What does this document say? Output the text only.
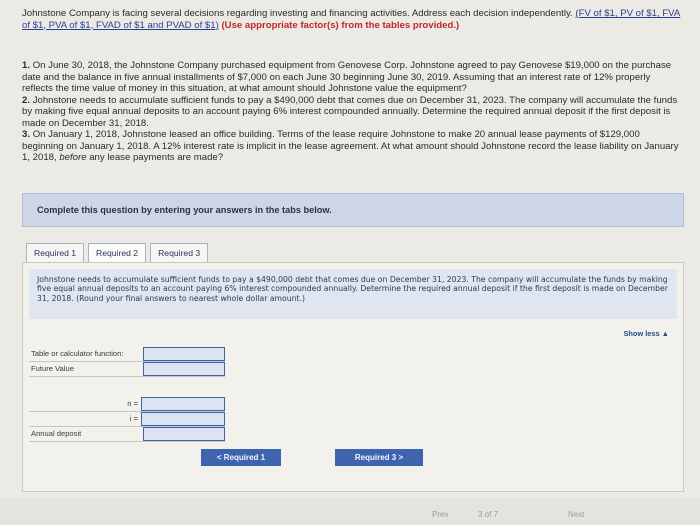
Johnstone Company is facing several decisions regarding investing and financing activities. Address each decision independently. (FV of $1, PV of $1, FVA of $1, PVA of $1, FVAD of $1 and PVAD of $1) (Use appropriate factor(s) from the tables provided.)

1. On June 30, 2018, the Johnstone Company purchased equipment from Genovese Corp. Johnstone agreed to pay Genovese $19,000 on the purchase date and the balance in five annual installments of $7,000 on each June 30 beginning June 30, 2019. Assuming that an interest rate of 12% properly reflects the time value of money in this situation, at what amount should Johnstone value the equipment?

2. Johnstone needs to accumulate sufficient funds to pay a $490,000 debt that comes due on December 31, 2023. The company will accumulate the funds by making five equal annual deposits to an account paying 6% interest compounded annually. Determine the required annual deposit if the first deposit is made on December 31, 2018.

3. On January 1, 2018, Johnstone leased an office building. Terms of the lease require Johnstone to make 20 annual lease payments of $129,000 beginning on January 1, 2018. A 12% interest rate is implicit in the lease agreement. At what amount should Johnstone record the lease liability on January 1, 2018, before any lease payments are made?

Complete this question by entering your answers in the tabs below.
Required 1	Required 2	Required 3
Johnstone needs to accumulate sufficient funds to pay a $490,000 debt that comes due on December 31, 2023. The company will accumulate the funds by making five equal annual deposits to an account paying 6% interest compounded annually. Determine the required annual deposit if the first deposit is made on December 31, 2018. (Round your final answers to nearest whole dollar amount.)
Show less ▲
Table or calculator function:
Future Value
n =
i =
Annual deposit
< Required 1	Required 3 >
Prev	3 of 7	Next
